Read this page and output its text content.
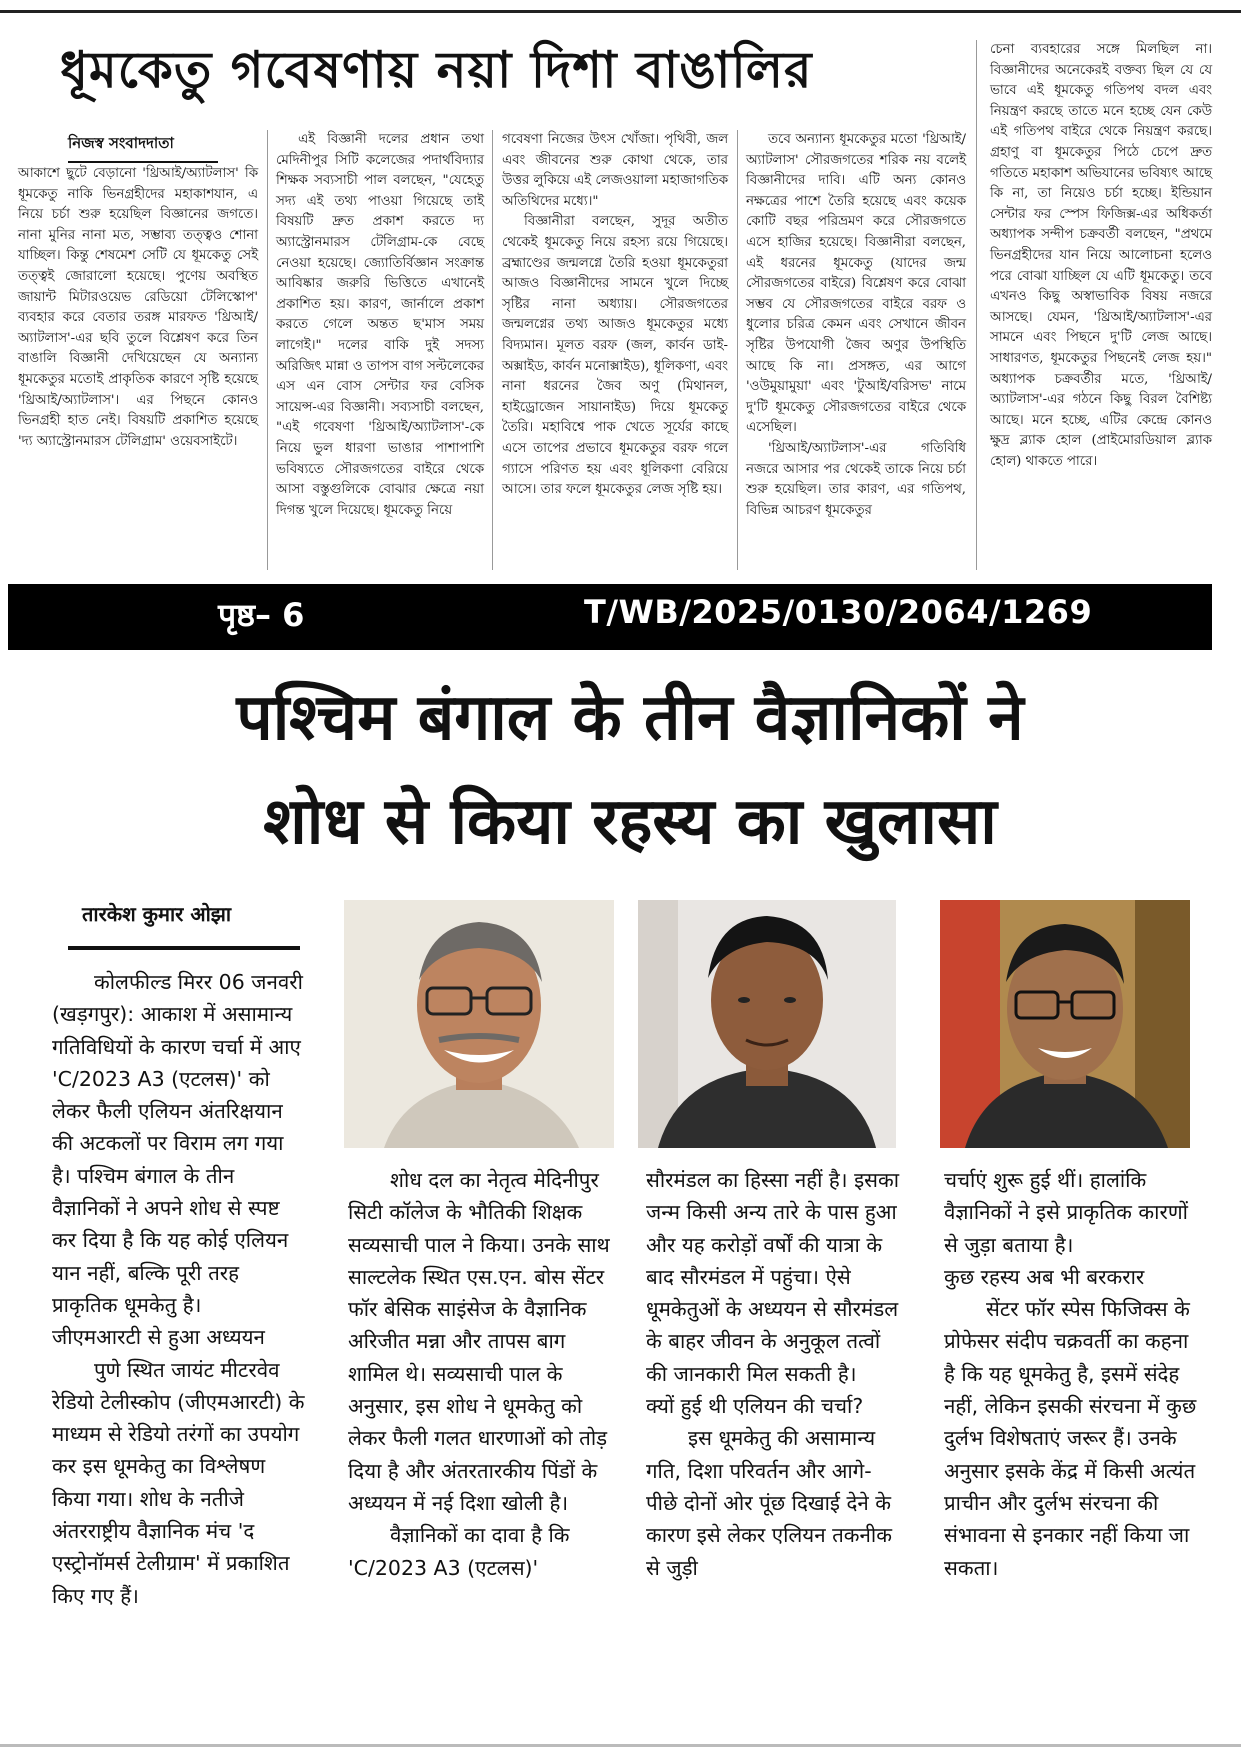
ধূমকেতু গবেষণায় নয়া দিশা বাঙালির
নিজস্ব সংবাদদাতা

আকাশে ছুটে বেড়ানো 'থ্রিআই/অ্যাটলাস' কি ধূমকেতু নাকি ভিনগ্রহীদের মহাকাশযান, এ নিয়ে চর্চা শুরু হয়েছিল বিজ্ঞানের জগতে। নানা মুনির নানা মত, সম্ভাব্য তত্ত্বও শোনা যাচ্ছিল। কিন্তু শেষমেশ সেটি যে ধূমকেতু সেই তত্ত্বই জোরালো হয়েছে। পুণেয় অবস্থিত জায়ান্ট মিটারওয়েভ রেডিয়ো টেলিস্কোপ' ব্যবহার করে বেতার তরঙ্গ মারফত 'থ্রিআই/অ্যাটলাস'-এর ছবি তুলে বিশ্লেষণ করে তিন বাঙালি বিজ্ঞানী দেখিয়েছেন যে অন্যান্য ধূমকেতুর মতোই প্রাকৃতিক কারণে সৃষ্টি হয়েছে 'থ্রিআই/অ্যাটলাস'। এর পিছনে কোনও ভিনগ্রহী হাত নেই। বিষয়টি প্রকাশিত হয়েছে 'দ্য অ্যাস্ট্রোনমারস টেলিগ্রাম' ওয়েবসাইটে।

এই বিজ্ঞানী দলের প্রধান তথা মেদিনীপুর সিটি কলেজের পদার্থবিদ্যার শিক্ষক সব্যসাচী পাল বলছেন, "যেহেতু সদ্য এই তথ্য পাওয়া গিয়েছে তাই বিষয়টি দ্রুত প্রকাশ করতে দ্য অ্যাস্ট্রোনমারস টেলিগ্রাম-কে বেছে নেওয়া হয়েছে। জ্যোতির্বিজ্ঞান সংক্রান্ত আবিষ্কার জরুরি ভিত্তিতে এখানেই প্রকাশিত হয়। কারণ, জার্নালে প্রকাশ করতে গেলে অন্তত ছ'মাস সময় লাগেই।" দলের বাকি দুই সদস্য অরিজিৎ মান্না ও তাপস বাগ সল্টলেকের এস এন বোস সেন্টার ফর বেসিক সায়েন্স-এর বিজ্ঞানী। সব্যসাচী বলছেন, "এই গবেষণা 'থ্রিআই/অ্যাটলাস'-কে নিয়ে ভুল ধারণা ভাঙার পাশাপাশি ভবিষ্যতে সৌরজগতের বাইরে থেকে আসা বস্তুগুলিকে বোঝার ক্ষেত্রে নয়া দিগন্ত খুলে দিয়েছে। ধূমকেতু নিয়ে

গবেষণা নিজের উৎস খোঁজা। পৃথিবী, জল এবং জীবনের শুরু কোথা থেকে, তার উত্তর লুকিয়ে এই লেজওয়ালা মহাজাগতিক অতিথিদের মধ্যে।"

বিজ্ঞানীরা বলছেন, সুদূর অতীত থেকেই ধূমকেতু নিয়ে রহস্য রয়ে গিয়েছে। ব্রহ্মাণ্ডের জন্মলগ্নে তৈরি হওয়া ধূমকেতুরা আজও বিজ্ঞানীদের সামনে খুলে দিচ্ছে সৃষ্টির নানা অধ্যায়। সৌরজগতের জন্মলগ্নের তথ্য আজও ধূমকেতুর মধ্যে বিদ্যমান। মূলত বরফ (জল, কার্বন ডাই-অক্সাইড, কার্বন মনোক্সাইড), ধূলিকণা, এবং নানা ধরনের জৈব অণু (মিথানল, হাইড্রোজেন সায়ানাইড) দিয়ে ধূমকেতু তৈরি। মহাবিশ্বে পাক খেতে সূর্যের কাছে এসে তাপের প্রভাবে ধূমকেতুর বরফ গলে গ্যাসে পরিণত হয় এবং ধূলিকণা বেরিয়ে আসে। তার ফলে ধূমকেতুর লেজ সৃষ্টি হয়।

তবে অন্যান্য ধূমকেতুর মতো 'থ্রিআই/অ্যাটলাস' সৌরজগতের শরিক নয় বলেই বিজ্ঞানীদের দাবি। এটি অন্য কোনও নক্ষত্রের পাশে তৈরি হয়েছে এবং কয়েক কোটি বছর পরিভ্রমণ করে সৌরজগতে এসে হাজির হয়েছে। বিজ্ঞানীরা বলছেন, এই ধরনের ধূমকেতু (যাদের জন্ম সৌরজগতের বাইরে) বিশ্লেষণ করে বোঝা সম্ভব যে সৌরজগতের বাইরে বরফ ও ধুলোর চরিত্র কেমন এবং সেখানে জীবন সৃষ্টির উপযোগী জৈব অণুর উপস্থিতি আছে কি না। প্রসঙ্গত, এর আগে 'ওউমুয়ামুয়া' এবং 'টুআই/বরিসভ' নামে দু'টি ধূমকেতু সৌরজগতের বাইরে থেকে এসেছিল।

'থ্রিআই/অ্যাটলাস'-এর গতিবিধি নজরে আসার পর থেকেই তাকে নিয়ে চর্চা শুরু হয়েছিল। তার কারণ, এর গতিপথ, বিভিন্ন আচরণ ধূমকেতুর

চেনা ব্যবহারের সঙ্গে মিলছিল না। বিজ্ঞানীদের অনেকেরই বক্তব্য ছিল যে যে ভাবে এই ধূমকেতু গতিপথ বদল এবং নিয়ন্ত্রণ করছে তাতে মনে হচ্ছে যেন কেউ এই গতিপথ বাইরে থেকে নিয়ন্ত্রণ করছে। গ্রহাণু বা ধূমকেতুর পিঠে চেপে দ্রুত গতিতে মহাকাশ অভিযানের ভবিষ্যৎ আছে কি না, তা নিয়েও চর্চা হচ্ছে। ইন্ডিয়ান সেন্টার ফর স্পেস ফিজিক্স-এর অধিকর্তা অধ্যাপক সন্দীপ চক্রবর্তী বলছেন, "প্রথমে ভিনগ্রহীদের যান নিয়ে আলোচনা হলেও পরে বোঝা যাচ্ছিল যে এটি ধূমকেতু। তবে এখনও কিছু অস্বাভাবিক বিষয় নজরে আসছে। যেমন, 'থ্রিআই/অ্যাটলাস'-এর সামনে এবং পিছনে দু'টি লেজ আছে। সাধারণত, ধূমকেতুর পিছনেই লেজ হয়।" অধ্যাপক চক্রবর্তীর মতে, 'থ্রিআই/অ্যাটলাস'-এর গঠনে কিছু বিরল বৈশিষ্ট্য আছে। মনে হচ্ছে, এটির কেন্দ্রে কোনও ক্ষুদ্র ব্ল্যাক হোল (প্রাইমোরডিয়াল ব্ল্যাক হোল) থাকতে পারে।

पृष्ठ– 6	T/WB/2025/0130/2064/1269
पश्चिम बंगाल के तीन वैज्ञानिकों ने
शोध से किया रहस्य का खुलासा
तारकेश कुमार ओझा

कोलफील्ड मिरर 06 जनवरी (खड़गपुर): आकाश में असामान्य गतिविधियों के कारण चर्चा में आए 'C/2023 A3 (एटलस)' को लेकर फैली एलियन अंतरिक्षयान की अटकलों पर विराम लग गया है। पश्चिम बंगाल के तीन वैज्ञानिकों ने अपने शोध से स्पष्ट कर दिया है कि यह कोई एलियन यान नहीं, बल्कि पूरी तरह प्राकृतिक धूमकेतु है।

जीएमआरटी से हुआ अध्ययन

पुणे स्थित जायंट मीटरवेव रेडियो टेलीस्कोप (जीएमआरटी) के माध्यम से रेडियो तरंगों का उपयोग कर इस धूमकेतु का विश्लेषण किया गया। शोध के नतीजे अंतरराष्ट्रीय वैज्ञानिक मंच 'द एस्ट्रोनॉमर्स टेलीग्राम' में प्रकाशित किए गए हैं।

शोध दल का नेतृत्व मेदिनीपुर सिटी कॉलेज के भौतिकी शिक्षक सव्यसाची पाल ने किया। उनके साथ साल्टलेक स्थित एस.एन. बोस सेंटर फॉर बेसिक साइंसेज के वैज्ञानिक अरिजीत मन्ना और तापस बाग शामिल थे। सव्यसाची पाल के अनुसार, इस शोध ने धूमकेतु को लेकर फैली गलत धारणाओं को तोड़ दिया है और अंतरतारकीय पिंडों के अध्ययन में नई दिशा खोली है।

वैज्ञानिकों का दावा है कि 'C/2023 A3 (एटलस)'

सौरमंडल का हिस्सा नहीं है। इसका जन्म किसी अन्य तारे के पास हुआ और यह करोड़ों वर्षों की यात्रा के बाद सौरमंडल में पहुंचा। ऐसे धूमकेतुओं के अध्ययन से सौरमंडल के बाहर जीवन के अनुकूल तत्वों की जानकारी मिल सकती है।

क्यों हुई थी एलियन की चर्चा?

इस धूमकेतु की असामान्य गति, दिशा परिवर्तन और आगे-पीछे दोनों ओर पूंछ दिखाई देने के कारण इसे लेकर एलियन तकनीक से जुड़ी

चर्चाएं शुरू हुई थीं। हालांकि वैज्ञानिकों ने इसे प्राकृतिक कारणों से जुड़ा बताया है।

कुछ रहस्य अब भी बरकरार

सेंटर फॉर स्पेस फिजिक्स के प्रोफेसर संदीप चक्रवर्ती का कहना है कि यह धूमकेतु है, इसमें संदेह नहीं, लेकिन इसकी संरचना में कुछ दुर्लभ विशेषताएं जरूर हैं। उनके अनुसार इसके केंद्र में किसी अत्यंत प्राचीन और दुर्लभ संरचना की संभावना से इनकार नहीं किया जा सकता।
